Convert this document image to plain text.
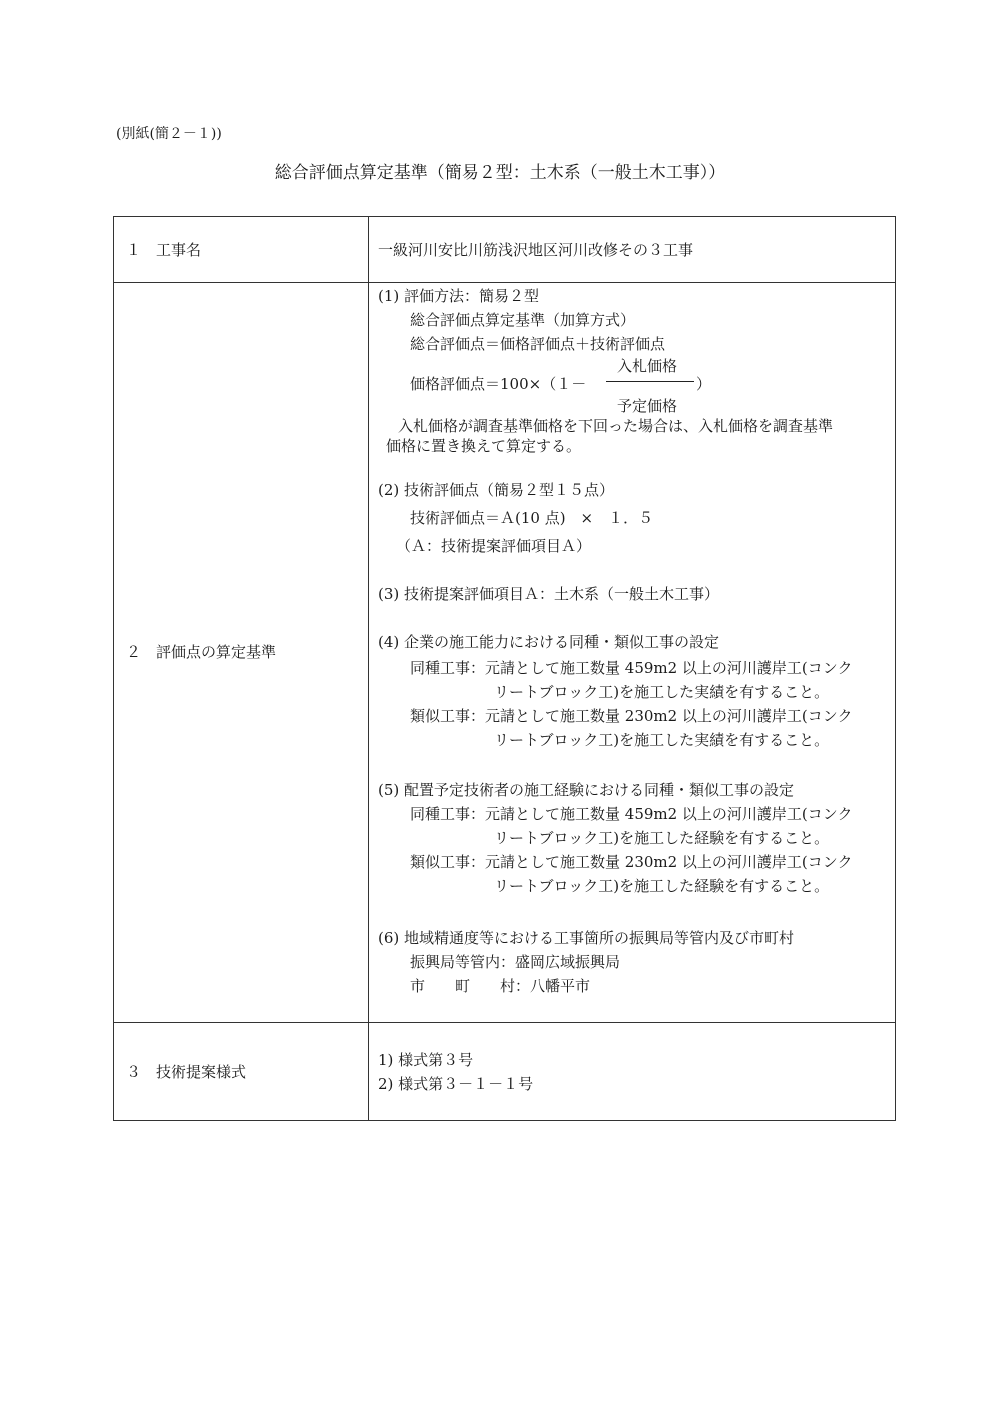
(別紙(簡２－１))
総合評価点算定基準（簡易２型：土木系（一般土木工事））
１　工事名	一級河川安比川筋浅沢地区河川改修その３工事
２　評価点の算定基準
(1) 評価方法：簡易２型
総合評価点算定基準（加算方式）
総合評価点＝価格評価点＋技術評価点
入札価格
価格評価点＝100×（１－	）
予定価格
入札価格が調査基準価格を下回った場合は、入札価格を調査基準
価格に置き換えて算定する。
(2) 技術評価点（簡易２型１５点）
技術評価点＝Ａ(10 点)　×　１．５
（Ａ：技術提案評価項目Ａ）
(3) 技術提案評価項目Ａ：土木系（一般土木工事）
(4) 企業の施工能力における同種・類似工事の設定
同種工事：元請として施工数量 459m2 以上の河川護岸工(コンク
リートブロック工)を施工した実績を有すること。
類似工事：元請として施工数量 230m2 以上の河川護岸工(コンク
リートブロック工)を施工した実績を有すること。
(5) 配置予定技術者の施工経験における同種・類似工事の設定
同種工事：元請として施工数量 459m2 以上の河川護岸工(コンク
リートブロック工)を施工した経験を有すること。
類似工事：元請として施工数量 230m2 以上の河川護岸工(コンク
リートブロック工)を施工した経験を有すること。
(6) 地域精通度等における工事箇所の振興局等管内及び市町村
振興局等管内：盛岡広域振興局
市　　町　　村：八幡平市
３　技術提案様式
1) 様式第３号
2) 様式第３－１－１号
